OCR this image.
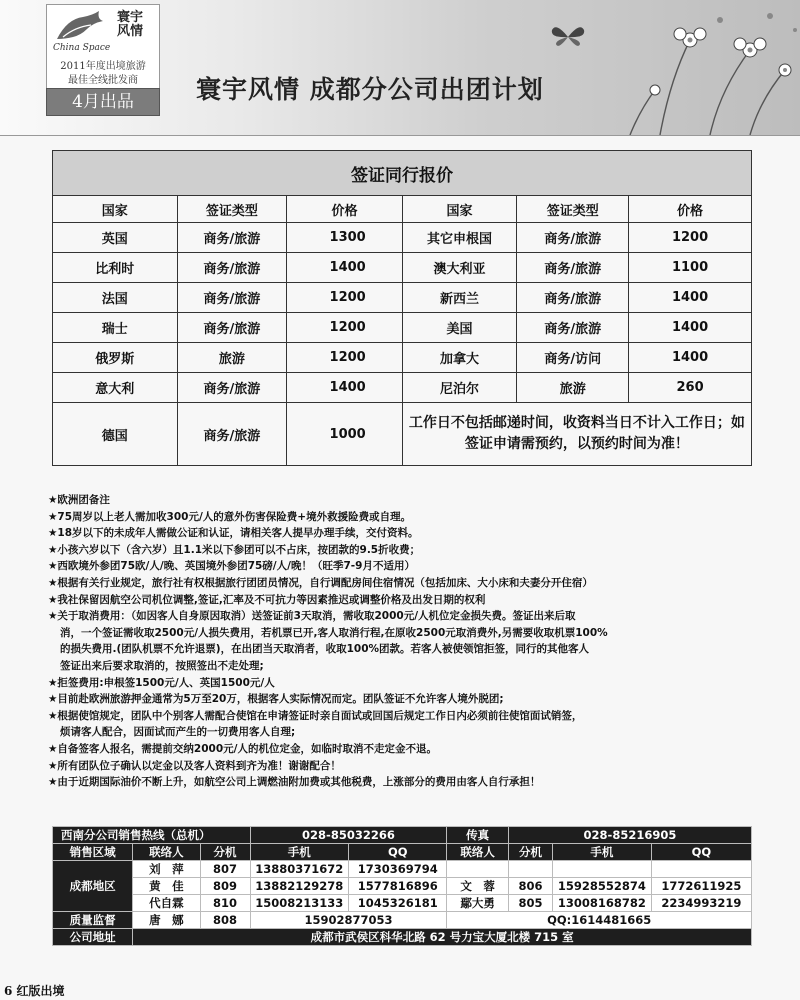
寰宇风情
China Space
2011年度出境旅游
最佳全线批发商
4月出品	寰宇风情 成都分公司出团计划
签证同行报价					
国家	签证类型	价格	国家	签证类型	价格
英国	商务/旅游	1300	其它申根国	商务/旅游	1200
比利时	商务/旅游	1400	澳大利亚	商务/旅游	1100
法国	商务/旅游	1200	新西兰	商务/旅游	1400
瑞士	商务/旅游	1200	美国	商务/旅游	1400
俄罗斯	旅游	1200	加拿大	商务/访问	1400
意大利	商务/旅游	1400	尼泊尔	旅游	260
德国	商务/旅游	1000	工作日不包括邮递时间，收资料当日不计入工作日；如签证申请需预约，以预约时间为准！		

★欧洲团备注

★75周岁以上老人需加收300元/人的意外伤害保险费+境外救援险费或自理。

★18岁以下的未成年人需做公证和认证，请相关客人提早办理手续，交付资料。

★小孩六岁以下（含六岁）且1.1米以下参团可以不占床，按团款的9.5折收费；

★西欧境外参团75欧/人/晚、英国境外参团75磅/人/晚！（旺季7-9月不适用）

★根据有关行业规定，旅行社有权根据旅行团团员情况，自行调配房间住宿情况（包括加床、大小床和夫妻分开住宿）

★我社保留因航空公司机位调整,签证,汇率及不可抗力等因素推迟或调整价格及出发日期的权利

★关于取消费用：（如因客人自身原因取消）送签证前3天取消，需收取2000元/人机位定金损失费。签证出来后取

消，一个签证需收取2500元/人损失费用，若机票已开,客人取消行程,在原收2500元取消费外,另需要收取机票100%

的损失费用.(团队机票不允许退票)，在出团当天取消者，收取100%团款。若客人被使领馆拒签，同行的其他客人

签证出来后要求取消的，按照签出不走处理;

★拒签费用:申根签1500元/人、英国1500元/人

★目前赴欧洲旅游押金通常为5万至20万，根据客人实际情况而定。团队签证不允许客人境外脱团;

★根据使馆规定，团队中个别客人需配合使馆在申请签证时亲自面试或回国后规定工作日内必须前往使馆面试销签，

烦请客人配合，因面试而产生的一切费用客人自理;

★自备签客人报名，需提前交纳2000元/人的机位定金，如临时取消不走定金不退。

★所有团队位子确认以定金以及客人资料到齐为准！谢谢配合！

★由于近期国际油价不断上升，如航空公司上调燃油附加费或其他税费，上涨部分的费用由客人自行承担！

西南分公司销售热线（总机）			028-85032266		传真	028-85216905		
销售区域	联络人	分机	手机	QQ	联络人	分机	手机	QQ
成都地区	刘　萍	807	13880371672	1730369794				
	黄　佳	809	13882129278	1577816896	文　蓉	806	15928552874	1772611925
	代自霖	810	15008213133	1045326181	鄢大勇	805	13008168782	2234993219
质量监督	唐　娜	808	15902877053		QQ:1614481665			
公司地址	成都市武侯区科华北路 62 号力宝大厦北楼 715 室							
6 红版出境
